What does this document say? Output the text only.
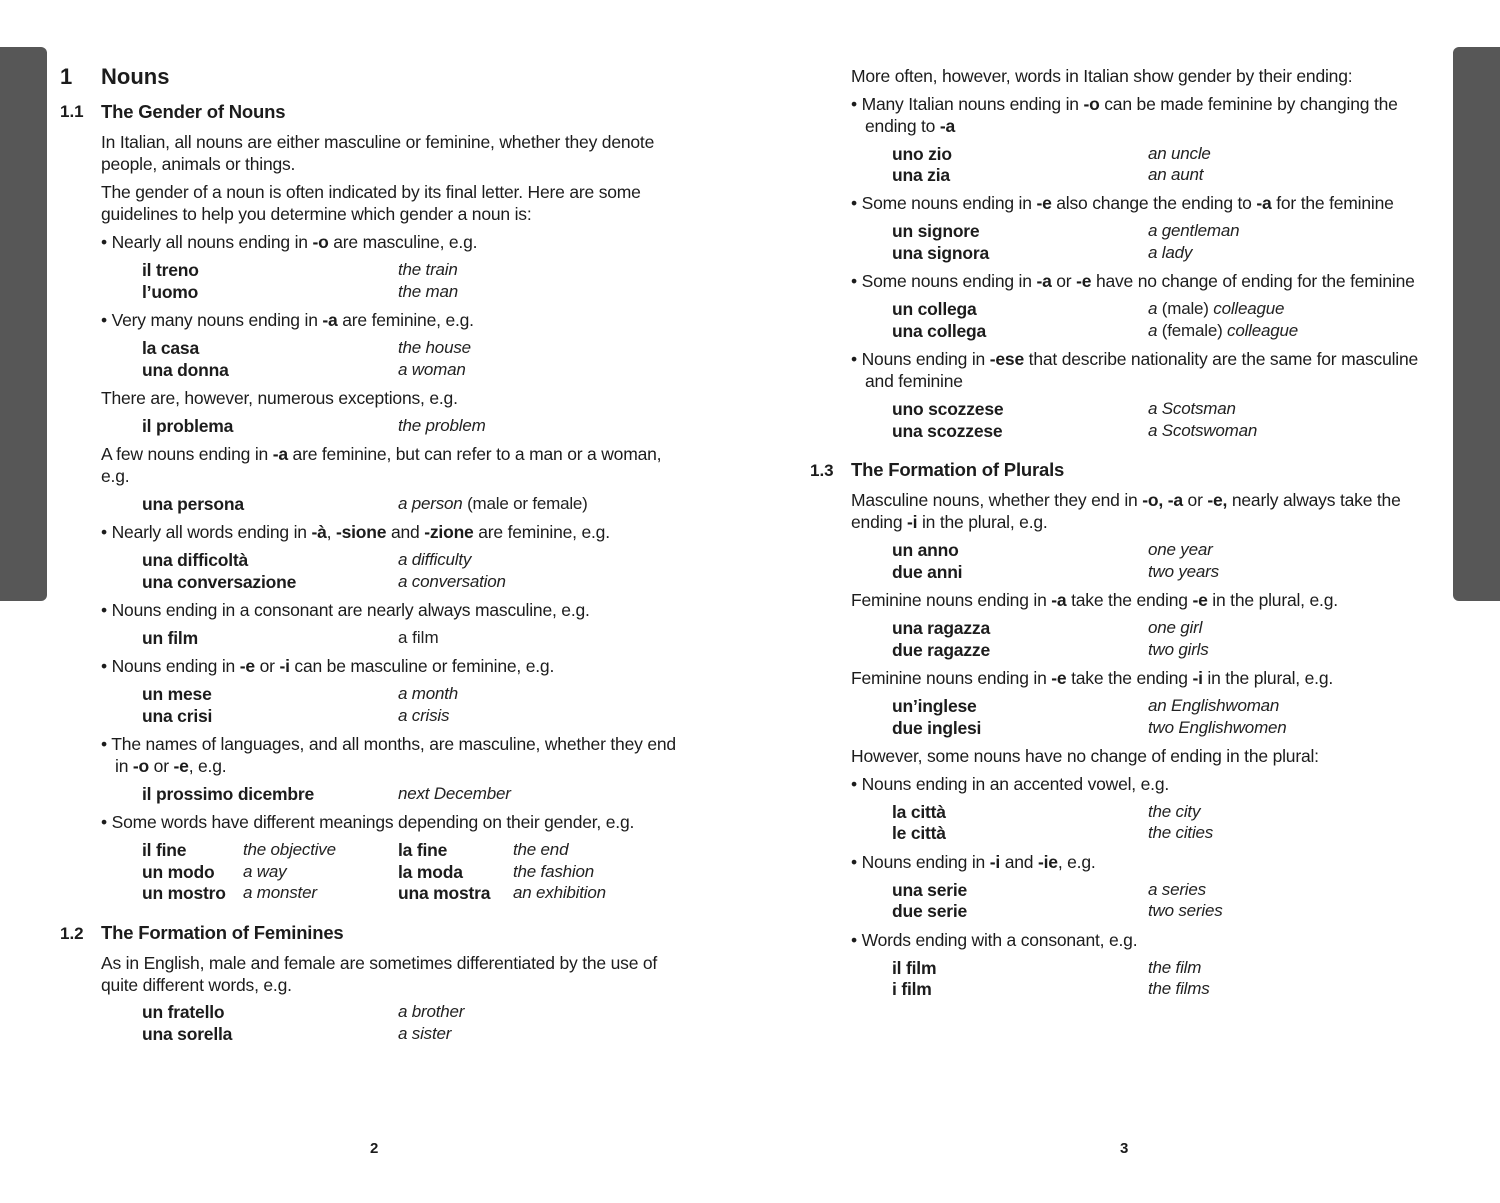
1 Nouns
1.1 The Gender of Nouns
In Italian, all nouns are either masculine or feminine, whether they denote
people, animals or things.
The gender of a noun is often indicated by its final letter. Here are some
guidelines to help you determine which gender a noun is:
• Nearly all nouns ending in -o are masculine, e.g.
il treno	the train
l’uomo	the man
• Very many nouns ending in -a are feminine, e.g.
la casa	the house
una donna	a woman
There are, however, numerous exceptions, e.g.
il problema	the problem
A few nouns ending in -a are feminine, but can refer to a man or a woman,
e.g.
una persona	a person (male or female)
• Nearly all words ending in -à, -sione and -zione are feminine, e.g.
una difficoltà	a difficulty
una conversazione	a conversation
• Nouns ending in a consonant are nearly always masculine, e.g.
un film	a film
• Nouns ending in -e or -i can be masculine or feminine, e.g.
un mese	a month
una crisi	a crisis
• The names of languages, and all months, are masculine, whether they end
in -o or -e, e.g.
il prossimo dicembre	next December
• Some words have different meanings depending on their gender, e.g.
il fine	the objective	la fine	the end
un modo a way	la moda	the fashion
un mostro a monster	una mostra an exhibition
1.2 The Formation of Feminines
As in English, male and female are sometimes differentiated by the use of
quite different words, e.g.
un fratello	a brother
una sorella	a sister
2
More often, however, words in Italian show gender by their ending:
• Many Italian nouns ending in -o can be made feminine by changing the
ending to -a
uno zio	an uncle
una zia	an aunt
• Some nouns ending in -e also change the ending to -a for the feminine
un signore	a gentleman
una signora	a lady
• Some nouns ending in -a or -e have no change of ending for the feminine
un collega	a (male) colleague
una collega	a (female) colleague
• Nouns ending in -ese that describe nationality are the same for masculine
and feminine
uno scozzese	a Scotsman
una scozzese	a Scotswoman
1.3 The Formation of Plurals
Masculine nouns, whether they end in -o, -a or -e, nearly always take the
ending -i in the plural, e.g.
un anno	one year
due anni	two years
Feminine nouns ending in -a take the ending -e in the plural, e.g.
una ragazza	one girl
due ragazze	two girls
Feminine nouns ending in -e take the ending -i in the plural, e.g.
un’inglese	an Englishwoman
due inglesi	two Englishwomen
However, some nouns have no change of ending in the plural:
• Nouns ending in an accented vowel, e.g.
la città	the city
le città	the cities
• Nouns ending in -i and -ie, e.g.
una serie	a series
due serie	two series
• Words ending with a consonant, e.g.
il film	the film
i film	the films
3
